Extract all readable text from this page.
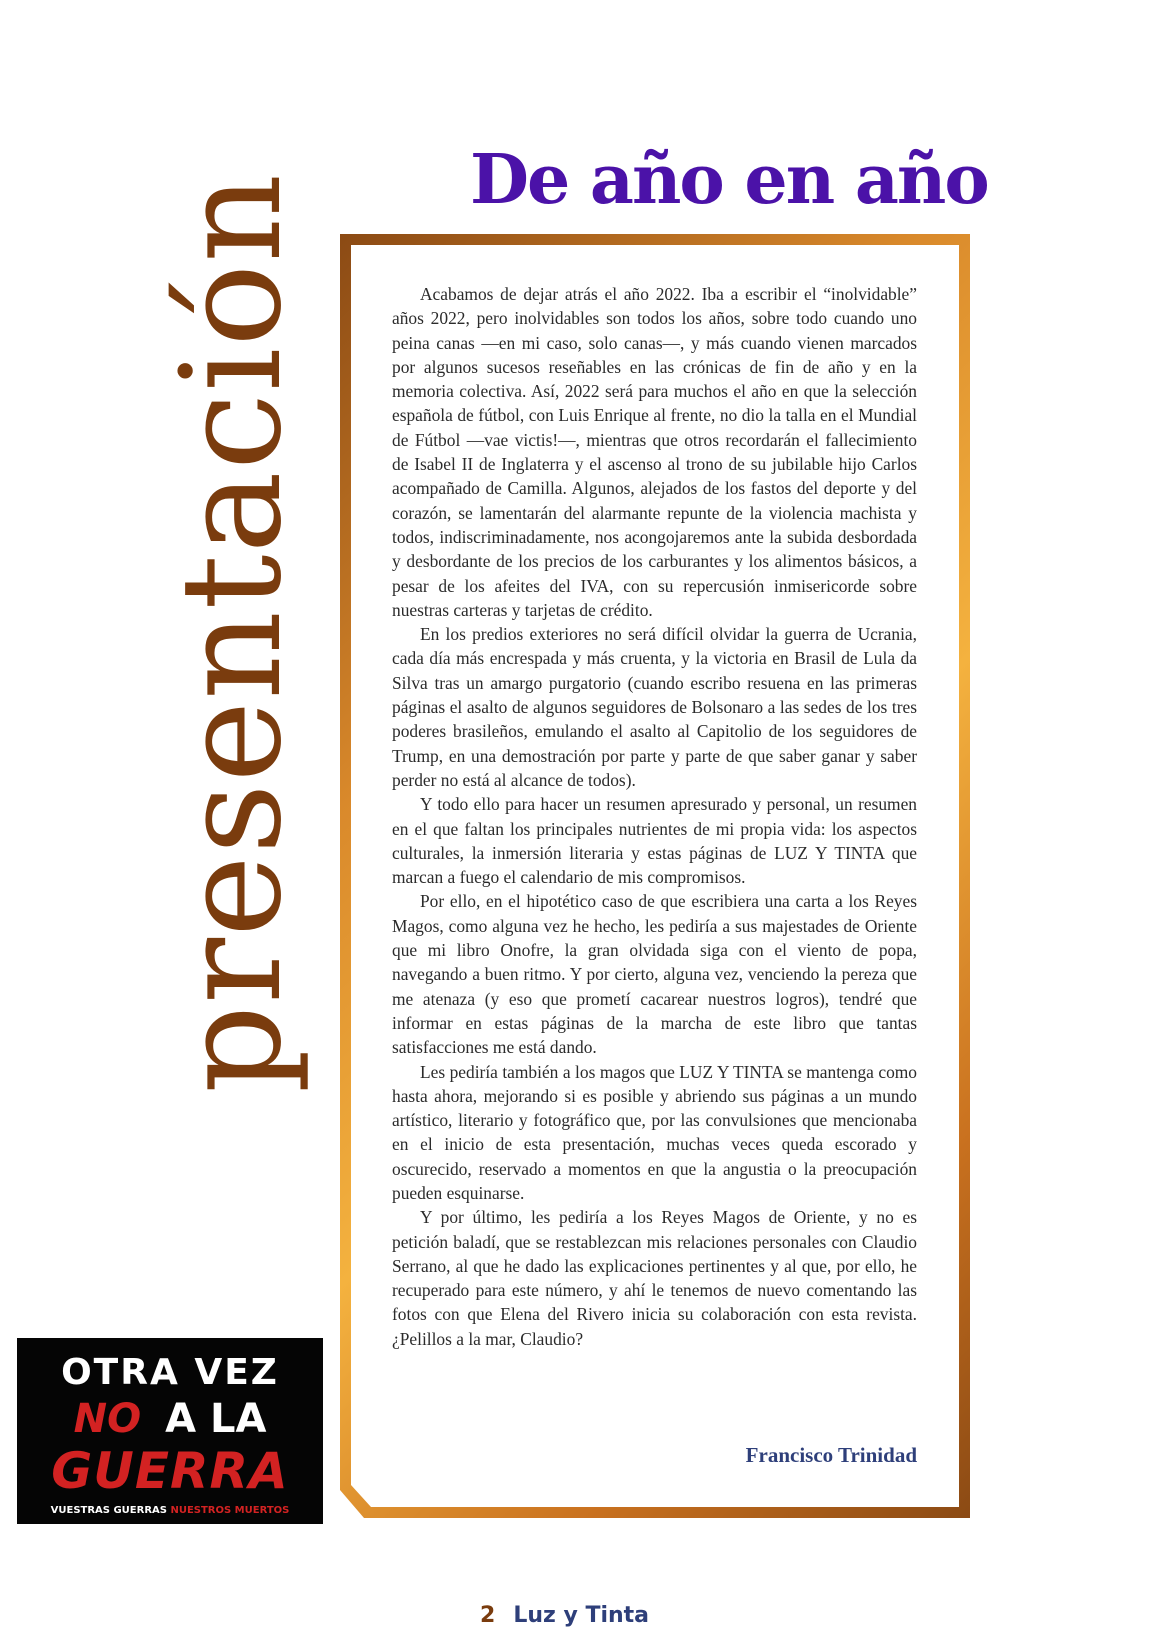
De año en año
presentación	Acabamos de dejar atrás el año 2022. Iba a escribir el “inolvidable” años 2022, pero inolvidables son todos los años, sobre todo cuando uno peina canas —en mi caso, solo canas—, y más cuando vienen marcados por algunos sucesos reseñables en las crónicas de fin de año y en la memoria colectiva. Así, 2022 será para muchos el año en que la selección española de fútbol, con Luis Enrique al frente, no dio la talla en el Mundial de Fútbol —vae victis!—, mientras que otros recordarán el fallecimiento de Isabel II de Inglaterra y el ascenso al trono de su jubilable hijo Carlos acompañado de Camilla. Algunos, alejados de los fastos del deporte y del corazón, se lamentarán del alarmante repunte de la violencia machista y todos, indiscriminadamente, nos acongojaremos ante la subida desbordada y desbordante de los precios de los carburantes y los alimentos básicos, a pesar de los afeites del IVA, con su repercusión inmisericorde sobre nuestras carteras y tarjetas de crédito.

En los predios exteriores no será difícil olvidar la guerra de Ucrania, cada día más encrespada y más cruenta, y la victoria en Brasil de Lula da Silva tras un amargo purgatorio (cuando escribo resuena en las primeras páginas el asalto de algunos seguidores de Bolsonaro a las sedes de los tres poderes brasileños, emulando el asalto al Capitolio de los seguidores de Trump, en una demostración por parte y parte de que saber ganar y saber perder no está al alcance de todos).

Y todo ello para hacer un resumen apresurado y personal, un resumen en el que faltan los principales nutrientes de mi propia vida: los aspectos culturales, la inmersión literaria y estas páginas de LUZ Y TINTA que marcan a fuego el calendario de mis compromisos.

Por ello, en el hipotético caso de que escribiera una carta a los Reyes Magos, como alguna vez he hecho, les pediría a sus majestades de Oriente que mi libro Onofre, la gran olvidada siga con el viento de popa, navegando a buen ritmo. Y por cierto, alguna vez, venciendo la pereza que me atenaza (y eso que prometí cacarear nuestros logros), tendré que informar en estas páginas de la marcha de este libro que tantas satisfacciones me está dando.

Les pediría también a los magos que LUZ Y TINTA se mantenga como hasta ahora, mejorando si es posible y abriendo sus páginas a un mundo artístico, literario y fotográfico que, por las convulsiones que mencionaba en el inicio de esta presentación, muchas veces queda escorado y oscurecido, reservado a momentos en que la angustia o la preocupación pueden esquinarse.

Y por último, les pediría a los Reyes Magos de Oriente, y no es petición baladí, que se restablezcan mis relaciones personales con Claudio Serrano, al que he dado las explicaciones pertinentes y al que, por ello, he recuperado para este número, y ahí le tenemos de nuevo comentando las fotos con que Elena del Rivero inicia su colaboración con esta revista. ¿Pelillos a la mar, Claudio?

Francisco Trinidad
OTRA VEZ
NO A LA
GUERRA
VUESTRAS GUERRAS NUESTROS MUERTOS
2 Luz y Tinta
